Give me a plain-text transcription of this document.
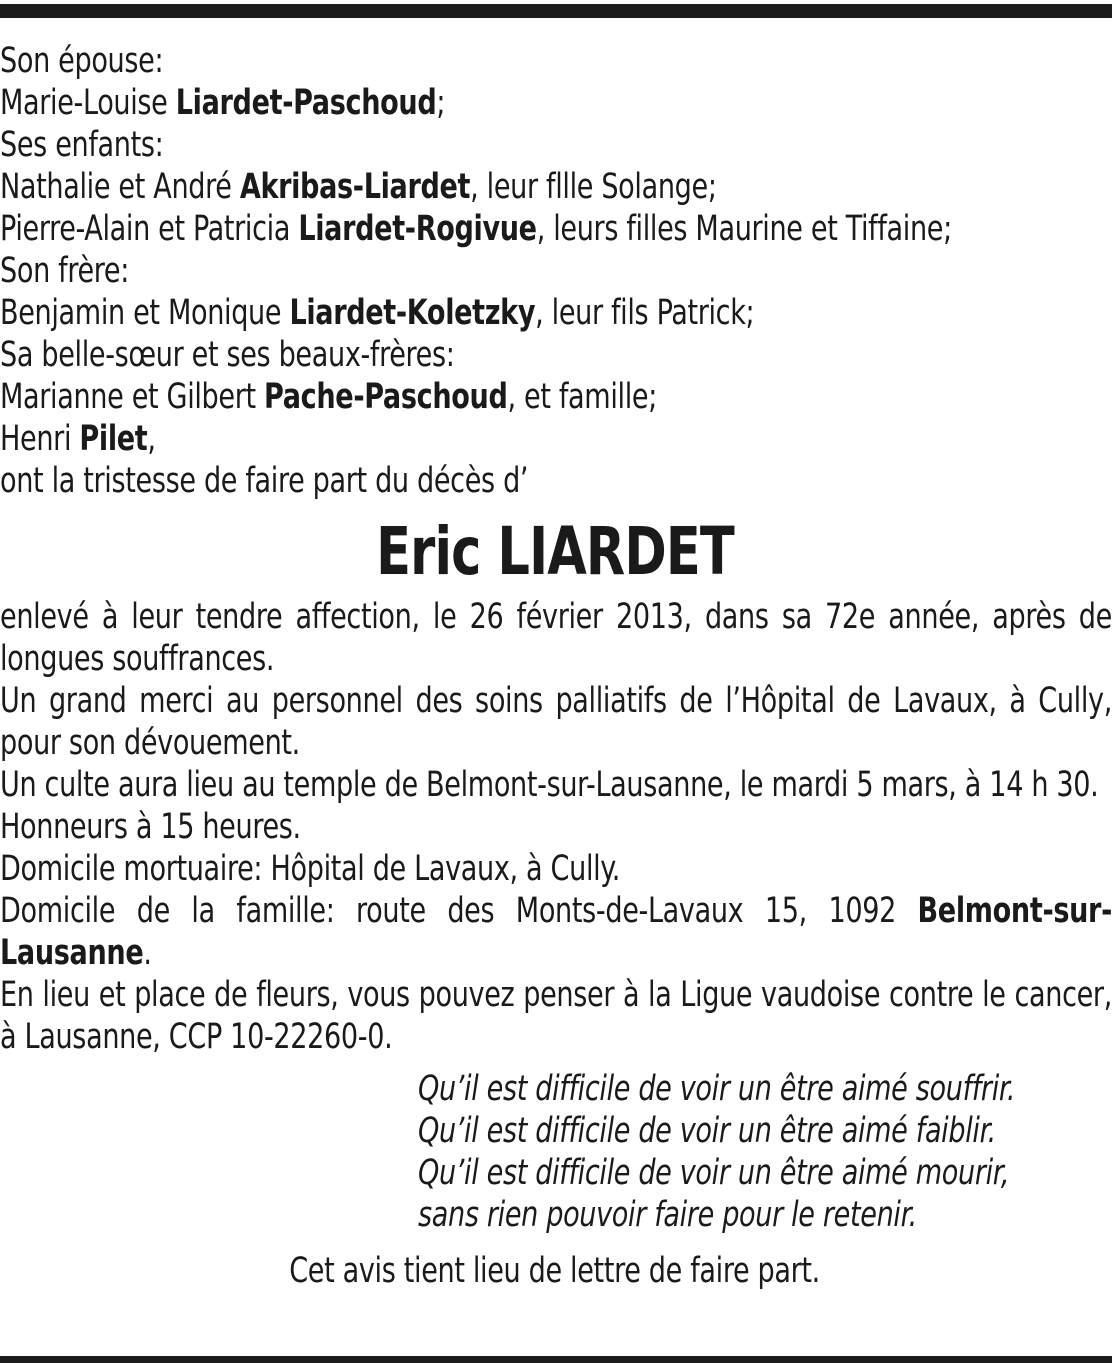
Son épouse:
Marie-Louise Liardet-Paschoud;
Ses enfants:
Nathalie et André Akribas-Liardet, leur fllle Solange;
Pierre-Alain et Patricia Liardet-Rogivue, leurs filles Maurine et Tiffaine;
Son frère:
Benjamin et Monique Liardet-Koletzky, leur fils Patrick;
Sa belle-sœur et ses beaux-frères:
Marianne et Gilbert Pache-Paschoud, et famille;
Henri Pilet,
ont la tristesse de faire part du décès d’
Eric LIARDET
enlevé à leur tendre affection, le 26 février 2013, dans sa 72e année, après de longues souffrances.
Un grand merci au personnel des soins palliatifs de l’Hôpital de Lavaux, à Cully, pour son dévouement.
Un culte aura lieu au temple de Belmont-sur-Lausanne, le mardi 5 mars, à 14 h 30.
Honneurs à 15 heures.
Domicile mortuaire: Hôpital de Lavaux, à Cully.
Domicile de la famille: route des Monts-de-Lavaux 15, 1092 Belmont-sur-Lausanne.
En lieu et place de fleurs, vous pouvez penser à la Ligue vaudoise contre le cancer, à Lausanne, CCP 10-22260-0.
Qu’il est difficile de voir un être aimé souffrir.
Qu’il est difficile de voir un être aimé faiblir.
Qu’il est difficile de voir un être aimé mourir,
sans rien pouvoir faire pour le retenir.
Cet avis tient lieu de lettre de faire part.
